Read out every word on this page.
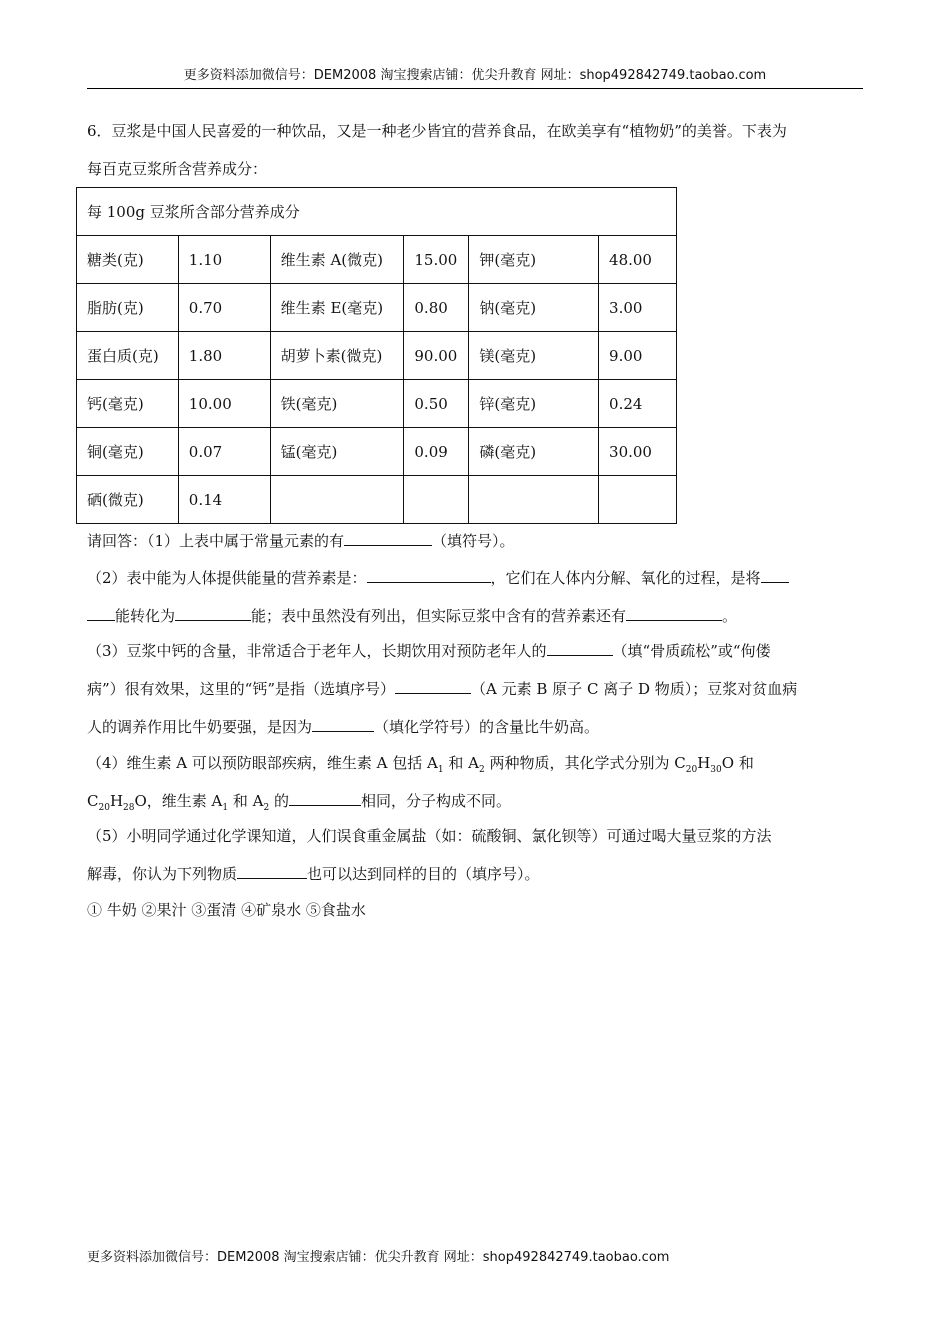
更多资料添加微信号：DEM2008 淘宝搜索店铺：优尖升教育 网址：shop492842749.taobao.com
6．豆浆是中国人民喜爱的一种饮品，又是一种老少皆宜的营养食品，在欧美享有“植物奶”的美誉。下表为
每百克豆浆所含营养成分：
每 100g 豆浆所含部分营养成分					
糖类(克)	1.10	维生素 A(微克)	15.00	钾(毫克)	48.00
脂肪(克)	0.70	维生素 E(毫克)	0.80	钠(毫克)	3.00
蛋白质(克)	1.80	胡萝卜素(微克)	90.00	镁(毫克)	9.00
钙(毫克)	10.00	铁(毫克)	0.50	锌(毫克)	0.24
铜(毫克)	0.07	锰(毫克)	0.09	磷(毫克)	30.00
硒(微克)	0.14				
请回答：（1）上表中属于常量元素的有	（填符号）。
（2）表中能为人体提供能量的营养素是：	，它们在人体内分解、氧化的过程，是将
能转化为	能；表中虽然没有列出，但实际豆浆中含有的营养素还有	。
（3）豆浆中钙的含量，非常适合于老年人，长期饮用对预防老年人的	（填“骨质疏松”或“佝偻
病”）很有效果，这里的“钙”是指（选填序号）	（A 元素 B 原子 C 离子 D 物质）；豆浆对贫血病
人的调养作用比牛奶要强，是因为	（填化学符号）的含量比牛奶高。
（4）维生素 A 可以预防眼部疾病，维生素 A 包括 $A_1$ 和 $A_2$ 两种物质，其化学式分别为 $C_{20}H_{30}O$ 和
$C_{20}H_{28}O$，维生素 $A_1$ 和 $A_2$ 的	相同，分子构成不同。
（5）小明同学通过化学课知道，人们误食重金属盐（如：硫酸铜、氯化钡等）可通过喝大量豆浆的方法
解毒，你认为下列物质	也可以达到同样的目的（填序号）。
① 牛奶 ②果汁 ③蛋清 ④矿泉水 ⑤食盐水
更多资料添加微信号：DEM2008 淘宝搜索店铺：优尖升教育 网址：shop492842749.taobao.com
